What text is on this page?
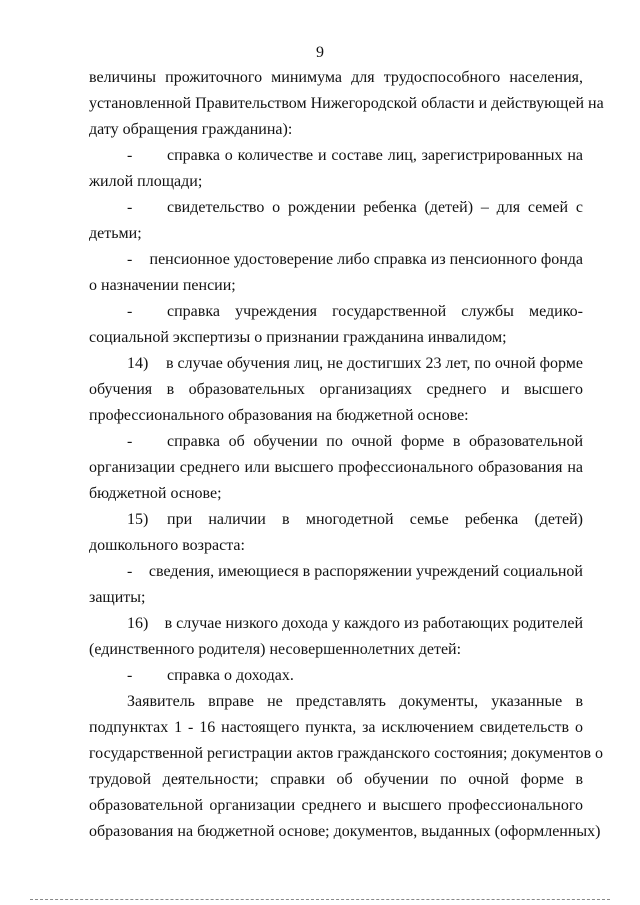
9
величины прожиточного минимума для трудоспособного населения,
установленной Правительством Нижегородской области и действующей на
дату обращения гражданина):
-	справка о количестве и составе лиц, зарегистрированных на
жилой площади;
-	свидетельство о рождении ребенка (детей) – для семей с
детьми;
-	пенсионное удостоверение либо справка из пенсионного фонда
о назначении пенсии;
-	справка учреждения государственной службы медико-
социальной экспертизы о признании гражданина инвалидом;
14)	в случае обучения лиц, не достигших 23 лет, по очной форме
обучения в образовательных организациях среднего и высшего
профессионального образования на бюджетной основе:
-	справка об обучении по очной форме в образовательной
организации среднего или высшего профессионального образования на
бюджетной основе;
15)	при наличии в многодетной семье ребенка (детей)
дошкольного возраста:
-	сведения, имеющиеся в распоряжении учреждений социальной
защиты;
16)	в случае низкого дохода у каждого из работающих родителей
(единственного родителя) несовершеннолетних детей:
-	справка о доходах.
Заявитель вправе не представлять документы, указанные в
подпунктах 1 - 16 настоящего пункта, за исключением свидетельств о
государственной регистрации актов гражданского состояния; документов о
трудовой деятельности; справки об обучении по очной форме в
образовательной организации среднего и высшего профессионального
образования на бюджетной основе; документов, выданных (оформленных)
